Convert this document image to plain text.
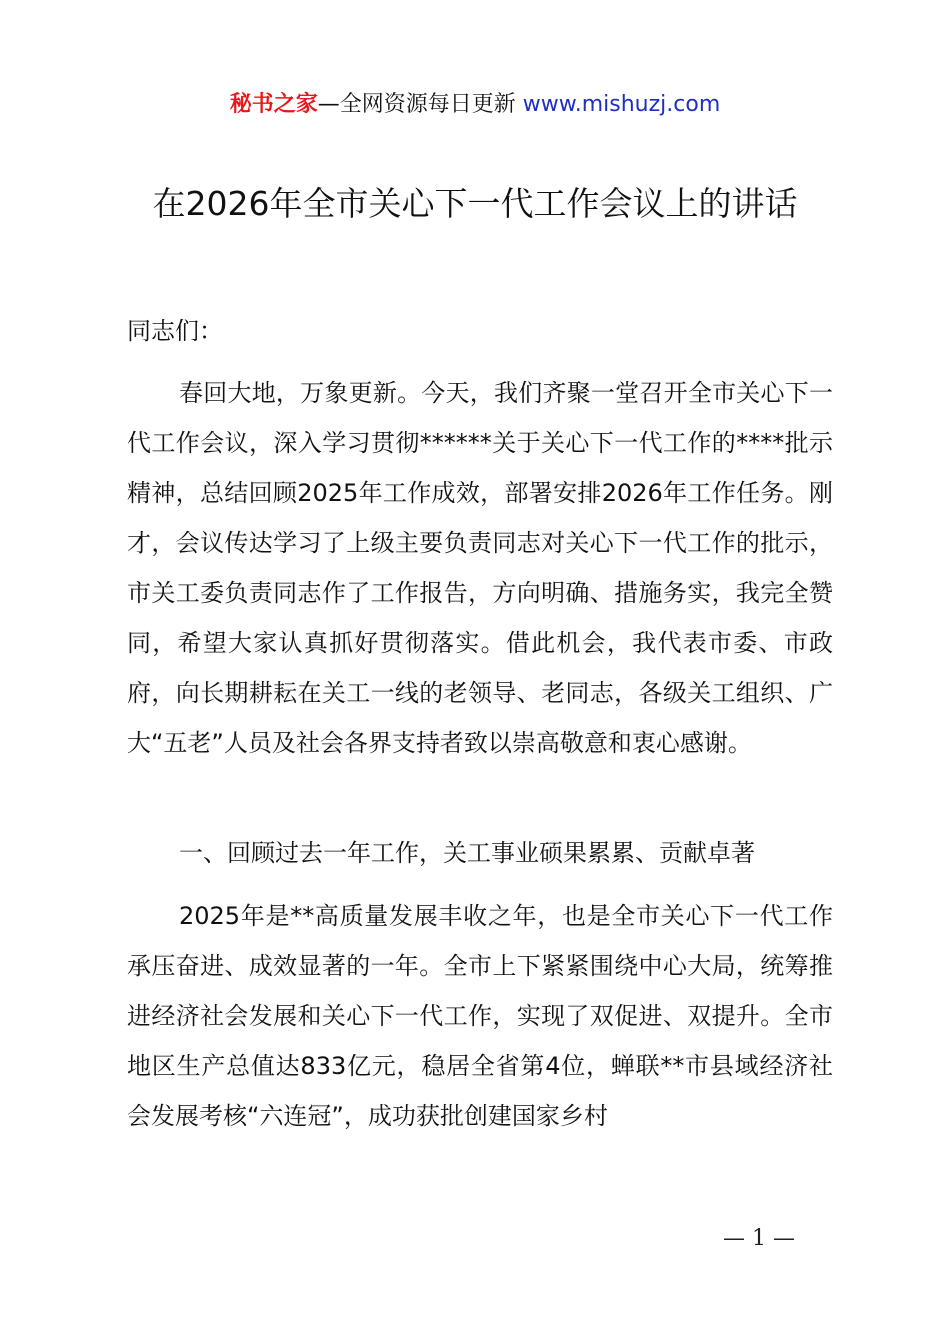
秘书之家—全网资源每日更新 www.mishuzj.com
在2026年全市关心下一代工作会议上的讲话
同志们：
春回大地，万象更新。今天，我们齐聚一堂召开全市关心下一代工作会议，深入学习贯彻******关于关心下一代工作的****批示精神，总结回顾2025年工作成效，部署安排2026年工作任务。刚才，会议传达学习了上级主要负责同志对关心下一代工作的批示，市关工委负责同志作了工作报告，方向明确、措施务实，我完全赞同，希望大家认真抓好贯彻落实。借此机会，我代表市委、市政府，向长期耕耘在关工一线的老领导、老同志，各级关工组织、广大“五老”人员及社会各界支持者致以崇高敬意和衷心感谢。
一、回顾过去一年工作，关工事业硕果累累、贡献卓著
2025年是**高质量发展丰收之年，也是全市关心下一代工作承压奋进、成效显著的一年。全市上下紧紧围绕中心大局，统筹推进经济社会发展和关心下一代工作，实现了双促进、双提升。全市地区生产总值达833亿元，稳居全省第4位，蝉联**市县域经济社会发展考核“六连冠”，成功获批创建国家乡村
— 1 —
